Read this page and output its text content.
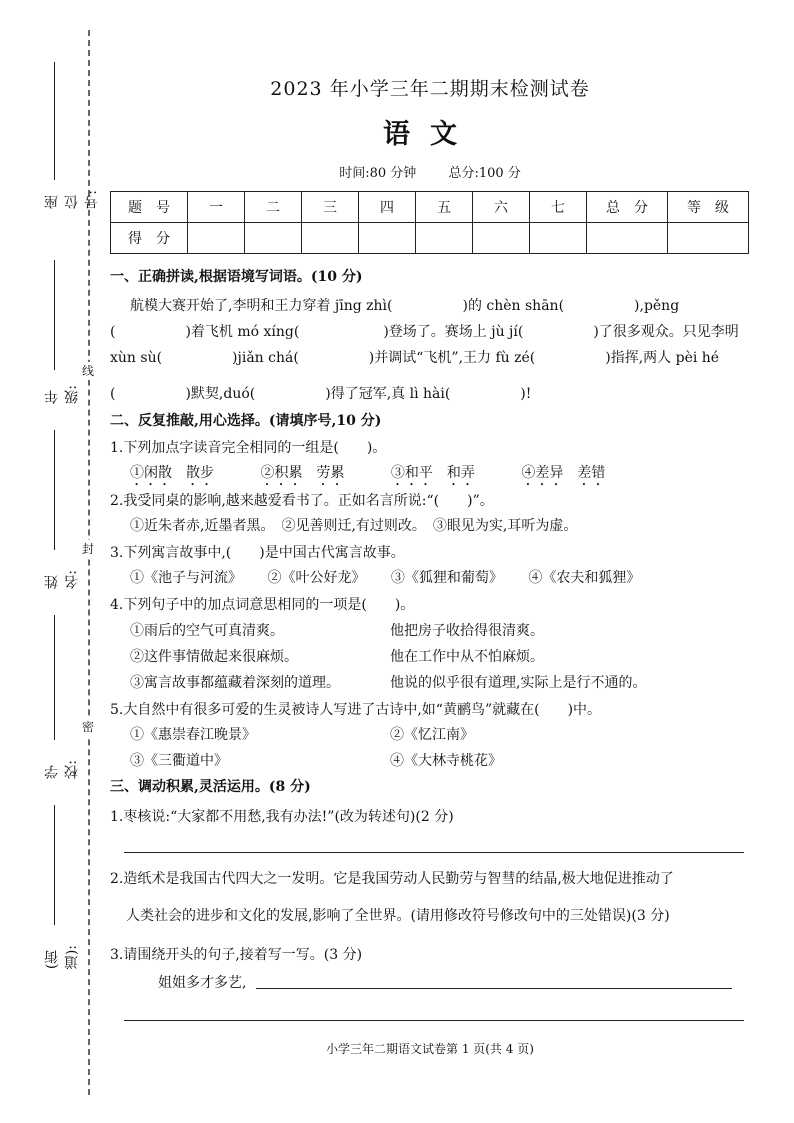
线
封
密
座位号:
年级:
姓名:
学校:
(街道):
2023 年小学三年二期期末检测试卷
语文
时间:80 分钟 总分:100 分
题　号	一	二	三	四	五	六	七	总　分	等　级
得　分									
一、正确拼读,根据语境写词语。(10 分)
航模大赛开始了,李明和王力穿着 jīng zhì(　　　　　)的 chèn shān(　　　　　),pěng
(　　　　　)着飞机 mó xíng(　　　　　　)登场了。赛场上 jù jí(　　　　　)了很多观众。只见李明
xùn sù(　　　　　)jiǎn chá(　　　　　)并调试“飞机”,王力 fù zé(　　　　　)指挥,两人 pèi hé
(　　　　　)默契,duó(　　　　　)得了冠军,真 lì hài(　　　　　)!
二、反复推敲,用心选择。(请填序号,10 分)
1.下列加点字读音完全相同的一组是(　　)。
①闲散　散步　　　	②积累　劳累　　　	③和平　和弄　　　	④差异　差错
2.我受同桌的影响,越来越爱看书了。正如名言所说:“(　　)”。
①近朱者赤,近墨者黑。　②见善则迁,有过则改。　③眼见为实,耳听为虚。
3.下列寓言故事中,(　　)是中国古代寓言故事。
①《池子与河流》　　 ②《叶公好龙》　　 ③《狐狸和葡萄》　　 ④《农夫和狐狸》
4.下列句子中的加点词意思相同的一项是(　　)。
①雨后的空气可真清爽。	他把房子收拾得很清爽。
②这件事情做起来很麻烦。	他在工作中从不怕麻烦。
③寓言故事都蕴藏着深刻的道理。	他说的似乎很有道理,实际上是行不通的。
5.大自然中有很多可爱的生灵被诗人写进了古诗中,如“黄鹂鸟”就藏在(　　)中。
①《惠崇春江晚景》	②《忆江南》
③《三衢道中》	④《大林寺桃花》
三、调动积累,灵活运用。(8 分)
1.枣核说:“大家都不用愁,我有办法!”(改为转述句)(2 分)
2.造纸术是我国古代四大之一发明。它是我国劳动人民勤劳与智彗的结晶,极大地促进推动了
人类社会的进步和文化的发展,影响了全世界。(请用修改符号修改句中的三处错误)(3 分)
3.请围绕开头的句子,接着写一写。(3 分)
姐姐多才多艺,
小学三年二期语文试卷第 1 页(共 4 页)
